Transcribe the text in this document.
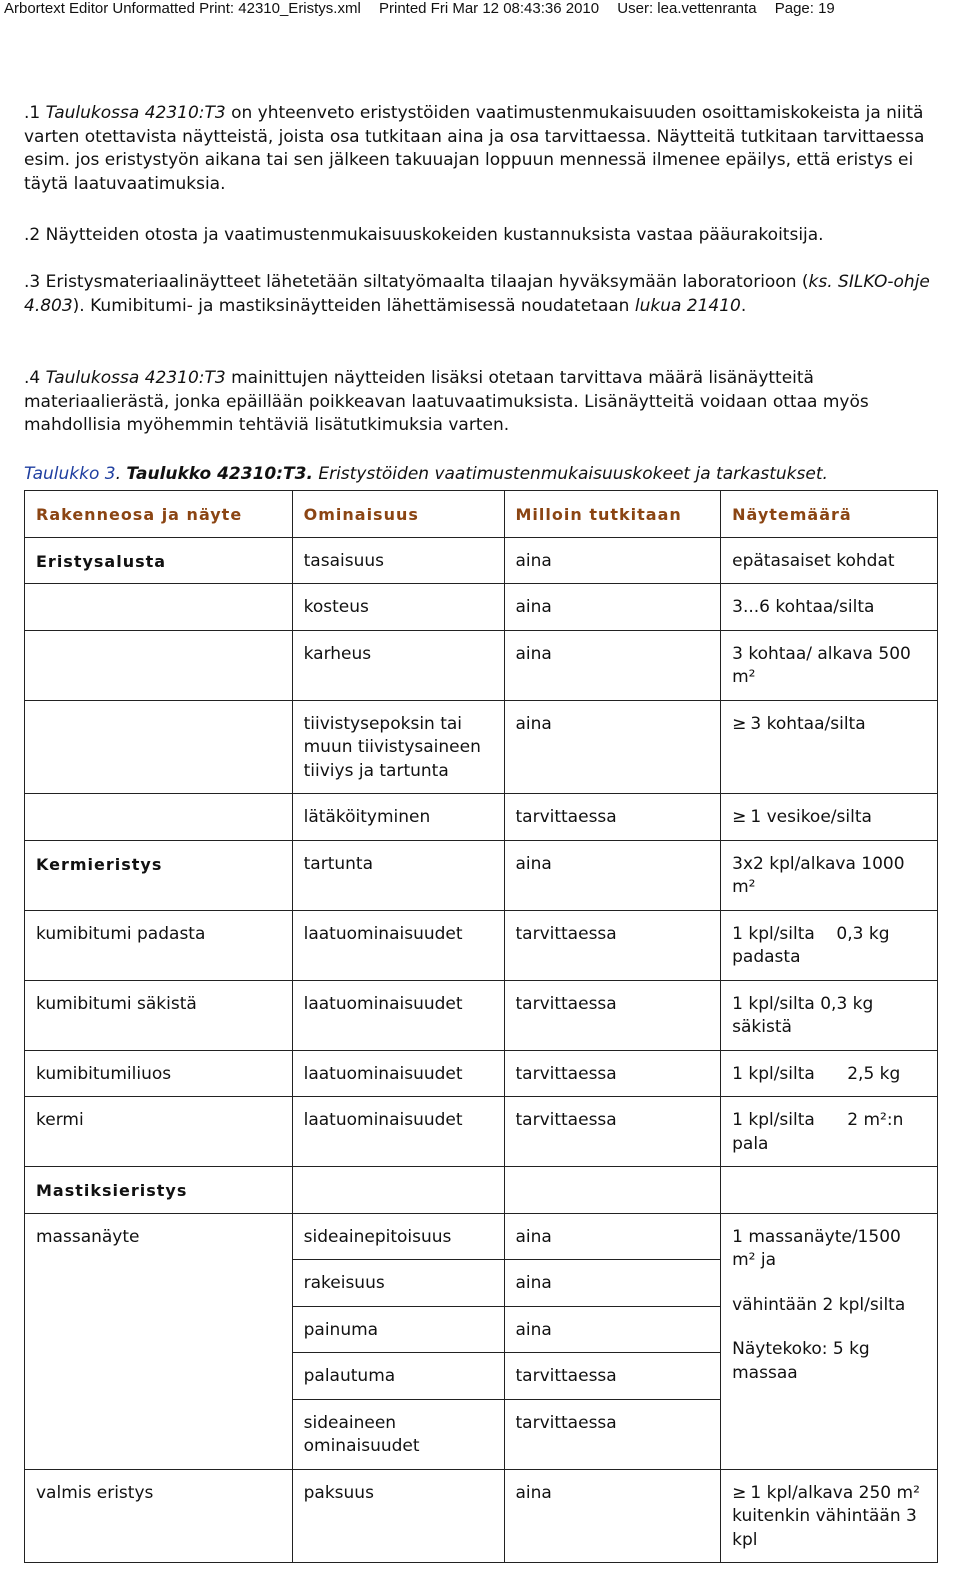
Arbortext Editor Unformatted Print: 42310_Eristys.xml Printed Fri Mar 12 08:43:36 2010 User: lea.vettenranta Page: 19
.1 Taulukossa 42310:T3 on yhteenveto eristystöiden vaatimustenmukaisuuden osoittamiskokeista ja niitä varten otettavista näytteistä, joista osa tutkitaan aina ja osa tarvittaessa. Näytteitä tutkitaan tarvittaessa esim. jos eristystyön aikana tai sen jälkeen takuuajan loppuun mennessä ilmenee epäilys, että eristys ei täytä laatuvaatimuksia.
.2 Näytteiden otosta ja vaatimustenmukaisuuskokeiden kustannuksista vastaa pääurakoitsija.
.3 Eristysmateriaalinäytteet lähetetään siltatyömaalta tilaajan hyväksymään laboratorioon (ks. SILKO-ohje 4.803). Kumibitumi- ja mastiksinäytteiden lähettämisessä noudatetaan lukua 21410.
.4 Taulukossa 42310:T3 mainittujen näytteiden lisäksi otetaan tarvittava määrä lisänäytteitä materiaalierästä, jonka epäillään poikkeavan laatuvaatimuksista. Lisänäytteitä voidaan ottaa myös mahdollisia myöhemmin tehtäviä lisätutkimuksia varten.
Taulukko 3. Taulukko 42310:T3. Eristystöiden vaatimustenmukaisuuskokeet ja tarkastukset.
Rakenneosa ja näyte	Ominaisuus	Milloin tutkitaan	Näytemäärä
Eristysalusta	tasaisuus	aina	epätasaiset kohdat
	kosteus	aina	3...6 kohtaa/silta
	karheus	aina	3 kohtaa/ alkava 500 m²
	tiivistysepoksin tai muun tiivistysaineen tiiviys ja tartunta	aina	≥ 3 kohtaa/silta
	lätäköityminen	tarvittaessa	≥ 1 vesikoe/silta
Kermieristys	tartunta	aina	3x2 kpl/alkava 1000 m²
kumibitumi padasta	laatuominaisuudet	tarvittaessa	1 kpl/silta    0,3 kg padasta
kumibitumi säkistä	laatuominaisuudet	tarvittaessa	1 kpl/silta 0,3 kg säkistä
kumibitumiliuos	laatuominaisuudet	tarvittaessa	1 kpl/silta      2,5 kg
kermi	laatuominaisuudet	tarvittaessa	1 kpl/silta      2 m²:n pala
Mastiksieristys			
massanäyte	sideainepitoisuus	aina	1 massanäyte/1500 m² ja
vähintään 2 kpl/silta
Näytekoko: 5 kg massaa

	rakeisuus	aina	
	painuma	aina	
	palautuma	tarvittaessa	
	sideaineen ominaisuudet	tarvittaessa	
valmis eristys	paksuus	aina	≥ 1 kpl/alkava 250 m² kuitenkin vähintään 3 kpl
